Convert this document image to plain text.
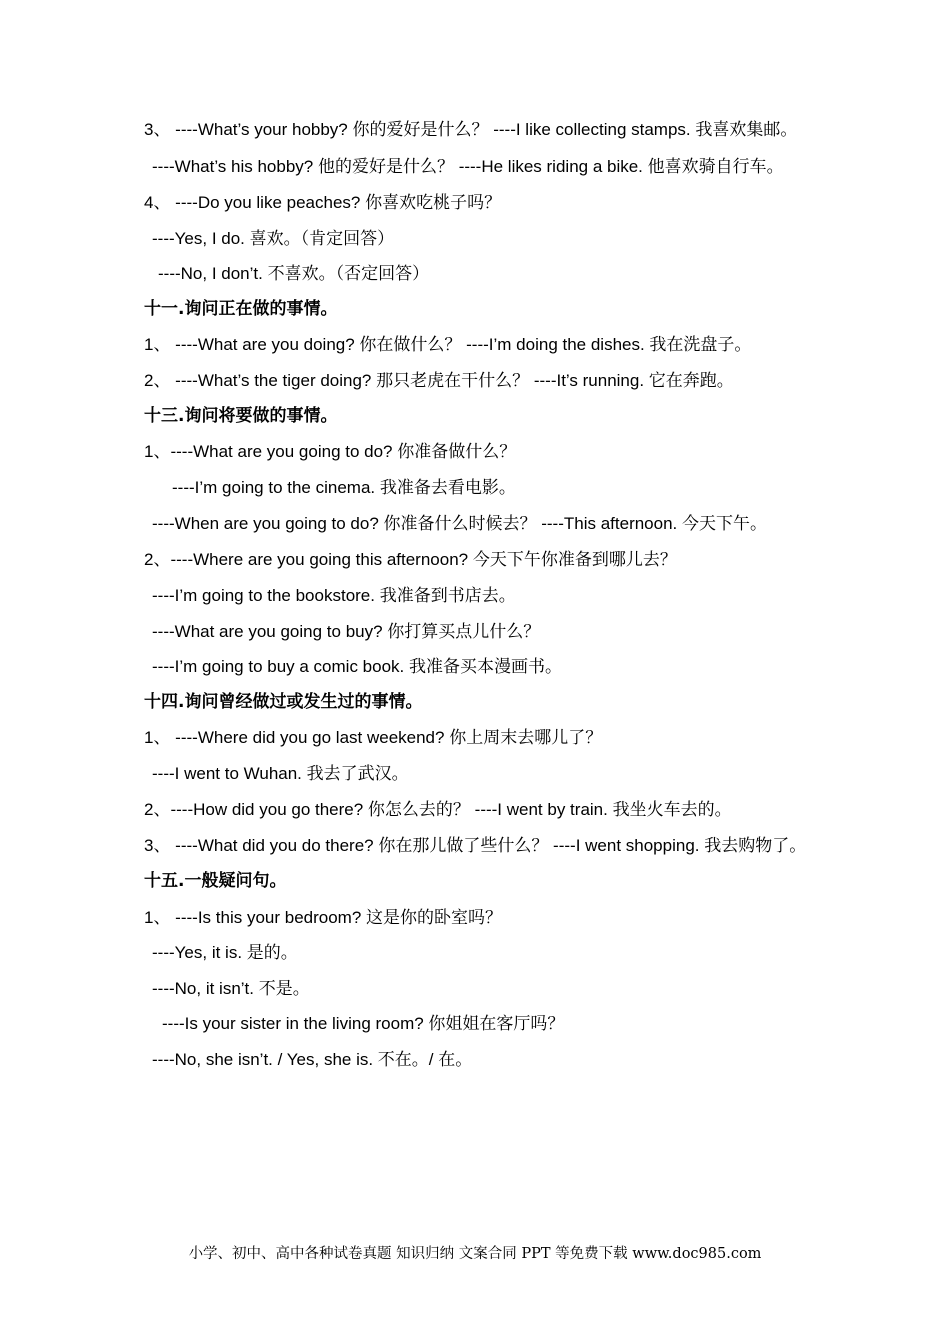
3、 ----What’s your hobby? 你的爱好是什么？ ----I like collecting stamps. 我喜欢集邮。
----What’s his hobby? 他的爱好是什么？ ----He likes riding a bike. 他喜欢骑自行车。
4、 ----Do you like peaches? 你喜欢吃桃子吗？
----Yes, I do. 喜欢。（肯定回答）
----No, I don’t. 不喜欢。（否定回答）
十一.询问正在做的事情。
1、 ----What are you doing? 你在做什么？ ----I’m doing the dishes. 我在洗盘子。
2、 ----What’s the tiger doing? 那只老虎在干什么？ ----It’s running. 它在奔跑。
十三.询问将要做的事情。
1、----What are you going to do? 你准备做什么？
----I’m going to the cinema. 我准备去看电影。
----When are you going to do? 你准备什么时候去？ ----This afternoon. 今天下午。
2、----Where are you going this afternoon? 今天下午你准备到哪儿去？
----I’m going to the bookstore. 我准备到书店去。
----What are you going to buy? 你打算买点儿什么？
----I’m going to buy a comic book. 我准备买本漫画书。
十四.询问曾经做过或发生过的事情。
1、 ----Where did you go last weekend? 你上周末去哪儿了？
----I went to Wuhan. 我去了武汉。
2、----How did you go there? 你怎么去的？ ----I went by train. 我坐火车去的。
3、 ----What did you do there? 你在那儿做了些什么？ ----I went shopping. 我去购物了。
十五.一般疑问句。
1、 ----Is this your bedroom? 这是你的卧室吗？
----Yes, it is. 是的。
----No, it isn’t. 不是。
----Is your sister in the living room? 你姐姐在客厅吗？
----No, she isn’t. / Yes, she is. 不在。/ 在。
小学、初中、高中各种试卷真题 知识归纳 文案合同 PPT 等免费下载 www.doc985.com
